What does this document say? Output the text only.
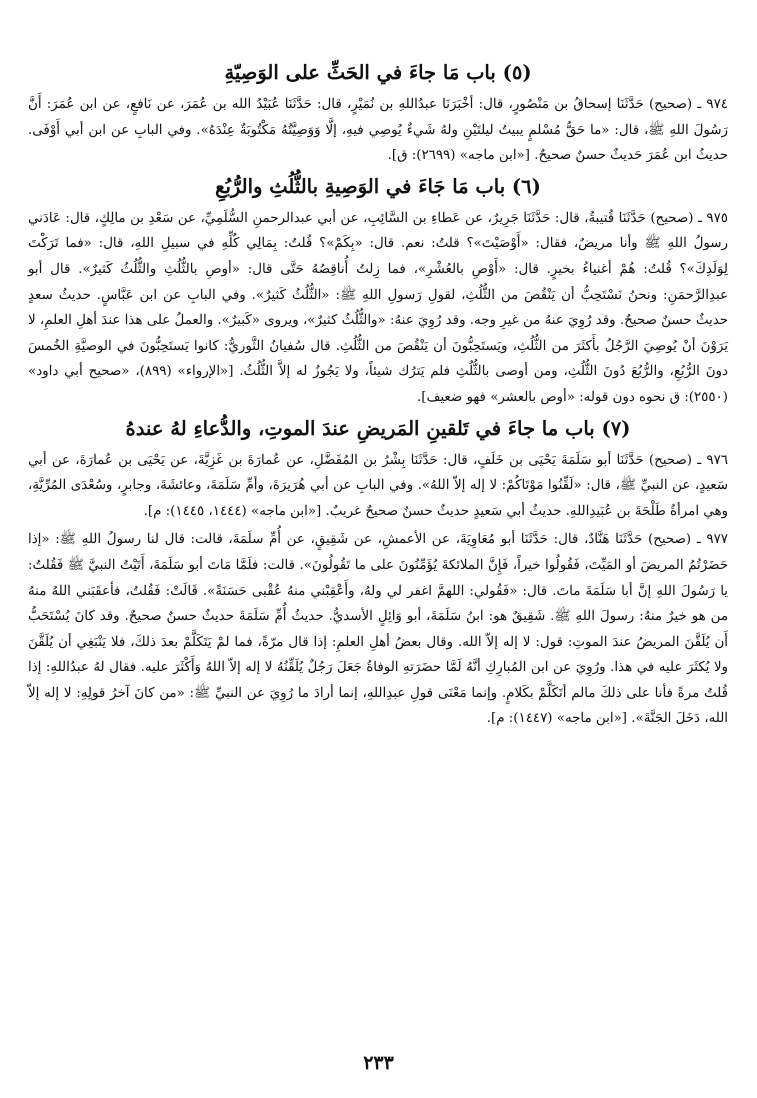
(٥) باب مَا جاءَ في الحَثِّ على الوَصِيّةِ

٩٧٤ ـ (صحيح) حَدَّثَنَا إسحاقُ بن مَنْصُورٍ، قال: أخْبَرَنَا عبدُاللهِ بن نُمَيْرٍ، قال: حَدَّثَنَا عُبَيْدُ الله بن عُمَرَ، عن نَافعٍ، عن ابن عُمَرَ: أَنَّ رَسُولَ اللهِ ﷺ، قال: «ما حَقُّ مُسْلمٍ يبيتُ ليلتَيْنِ ولهُ شَيءٌ يُوصِي فيهِ، إلَّا وَوَصِيَّتُهُ مَكْتُوبَةٌ عِنْدَهُ». وفي البابِ عن ابن أبي أَوْفَى. حديثُ ابن عُمَرَ حَديثٌ حسنٌ صحيحٌ. [«ابن ماجه» (٢٦٩٩): ق].

(٦) باب مَا جَاءَ في الوَصِيةِ بالثُّلُثِ والرُّبُعِ

٩٧٥ ـ (صحيح) حَدَّثَنَا قُتيبةُ، قال: حَدَّثَنَا جَرِيرٌ، عن عَطاءِ بن السَّائِبِ، عن أبي عبدالرحمنِ السُّلَمِيِّ، عن سَعْدِ بن مالِكٍ، قال: عَادَني رسولُ اللهِ ﷺ وأنا مريضٌ، فقال: «أَوْصَيْتَ»؟ قلتُ: نعم. قال: «بِكَمْ»؟ قُلتُ: بِمَالِي كُلِّهِ في سبيلِ اللهِ، قال: «فما تَرَكْتَ لِوَلَدِكَ»؟ قُلتُ: هُمْ أغنياءُ بخيرٍ. قال: «أَوْصِ بالعُشْرِ»، فما زِلتُ أُناقِصُهُ حَتَّى قال: «أوصِ بالثُّلُثِ والثُّلُثُ كَثيرٌ». قال أبو عبدِالرَّحمَنِ: ونحنُ نَسْتَحِبُّ أن يَنْقُصَ من الثُّلُثِ، لقولِ رَسولِ اللهِ ﷺ: «الثُّلُثُ كَثيرٌ». وفي البابِ عن ابن عَبَّاسٍ. حديثُ سعدٍ حديثٌ حسنٌ صحيحٌ. وقد رُوِيَ عنهُ من غيرِ وجه. وقد رُوِيَ عنهُ: «والثُّلُثُ كثيرٌ»، ويروى «كَبيرٌ». والعملُ على هذا عندَ أهلِ العلمِ، لا يَرَوْنَ أنْ يُوصِيَ الرَّجُلُ بأَكثَرَ من الثُّلُثِ، ويَستَحِبُّونَ أن يَنْقُصَ من الثُّلُثِ. قال سُفيانُ الثَّوريُّ: كانوا يَستَحِبُّونَ في الوصيَّةِ الخُمسَ دونَ الرُّبُعِ، والرُّبُعَ دُونَ الثُّلُثِ، ومن أوصى بالثُّلُثِ فلم يَترُك شيئاً، ولا يَجُوزُ له إلاَّ الثُّلُثُ. [«الإرواء» (٨٩٩)، «صحيح أبي داود» (٢٥٥٠): ق نحوه دون قوله: «أوص بالعشر» فهو ضعيف].

(٧) باب ما جاءَ في تَلقينِ المَريضِ عندَ الموتِ، والدُّعاءِ لهُ عندهُ

٩٧٦ ـ (صحيح) حَدَّثَنَا أبو سَلَمَةَ يَحْيَى بن خَلَفٍ، قال: حَدَّثَنَا بِشْرُ بن المُفَضَّلِ، عن عُمارَةَ بن غَزِيَّةَ، عن يَحْيَى بن عُمارَةَ، عن أبي سَعيدٍ، عن النبيِّ ﷺ، قال: «لَقِّنُوا مَوْتَاكُمْ: لا إله إلاّ اللهُ». وفي البابِ عن أبي هُرَيرَةَ، وأمِّ سَلَمَةَ، وعائشَةَ، وجابرٍ، وسُعْدَى المُرِّيَّةِ، وهي امرأةُ طَلْحَةَ بن عُبَيدِاللهِ. حديثُ أبي سَعيدٍ حديثٌ حسنٌ صحيحٌ غريبٌ. [«ابن ماجه» (١٤٤٤، ١٤٤٥): م].

٩٧٧ ـ (صحيح) حَدَّثَنَا هَنَّادٌ، قال: حَدَّثَنَا أبو مُعَاوِيَةَ، عن الأعمشِ، عن شَقِيقٍ، عن أُمِّ سلَمَةَ، قالت: قال لنا رسولُ اللهِ ﷺ: «إذا حَضَرْتُمُ المريضَ أو المَيِّتَ، فَقُولُوا خيراً، فَإِنَّ الملائكةَ يُؤَمِّنُونَ على ما تَقُولُونَ». قالت: فلَمَّا مَاتَ أبو سَلَمَةَ، أَتَيْتُ النبيَّ ﷺ فَقُلتُ: يا رَسُولَ اللهِ إنَّ أبا سَلَمَةَ ماتَ. قال: «فَقُولي: اللهمَّ اغفر لي ولهُ، وأَعْقِبْني منهُ عُقْبى حَسَنَةً». قَالَتْ: فَقُلتُ، فأعقَبَني اللهُ منهُ من هو خيرٌ منهُ: رسولَ اللهِ ﷺ. شَقِيقٌ هو: ابنُ سَلَمَةَ، أبو وَائِلٍ الأسديُّ. حديثُ أُمِّ سَلَمَةَ حديثٌ حسنٌ صحيحٌ. وقد كانَ يُسْتَحَبُّ أَن يُلَقَّنَ المريضُ عندَ الموتِ: قول: لا إله إلاّ الله. وقال بعضُ أهلِ العلمِ: إذا قال مرّةً، فما لمْ يَتَكَلَّمْ بعدَ ذلكَ، فلا يَنْبَغِي أن يُلَقَّنَ ولا يُكثَرَ عليه في هذا. ورُوِيَ عن ابن المُبارِكِ أنَّهُ لَمَّا حضَرَتهِ الوفاةُ جَعَلَ رَجُلٌ يُلَقِّنُهُ لا إله إلاّ اللهُ وَأَكْثَرَ عليه. فقال لهُ عبدُاللهِ: إذا قُلتُ مرةً فأنا على ذلكَ مالم أتَكَلَّمْ بكَلامٍ. وإنما مَعْنَى قولِ عبدِاللهِ، إنما أرادَ ما رُوِيَ عن النبيِّ ﷺ: «من كانَ آخرُ قولِهِ: لا إله إلاّ الله، دَخَلَ الجَنَّةَ». [«ابن ماجه» (١٤٤٧): م].

٢٣٣
